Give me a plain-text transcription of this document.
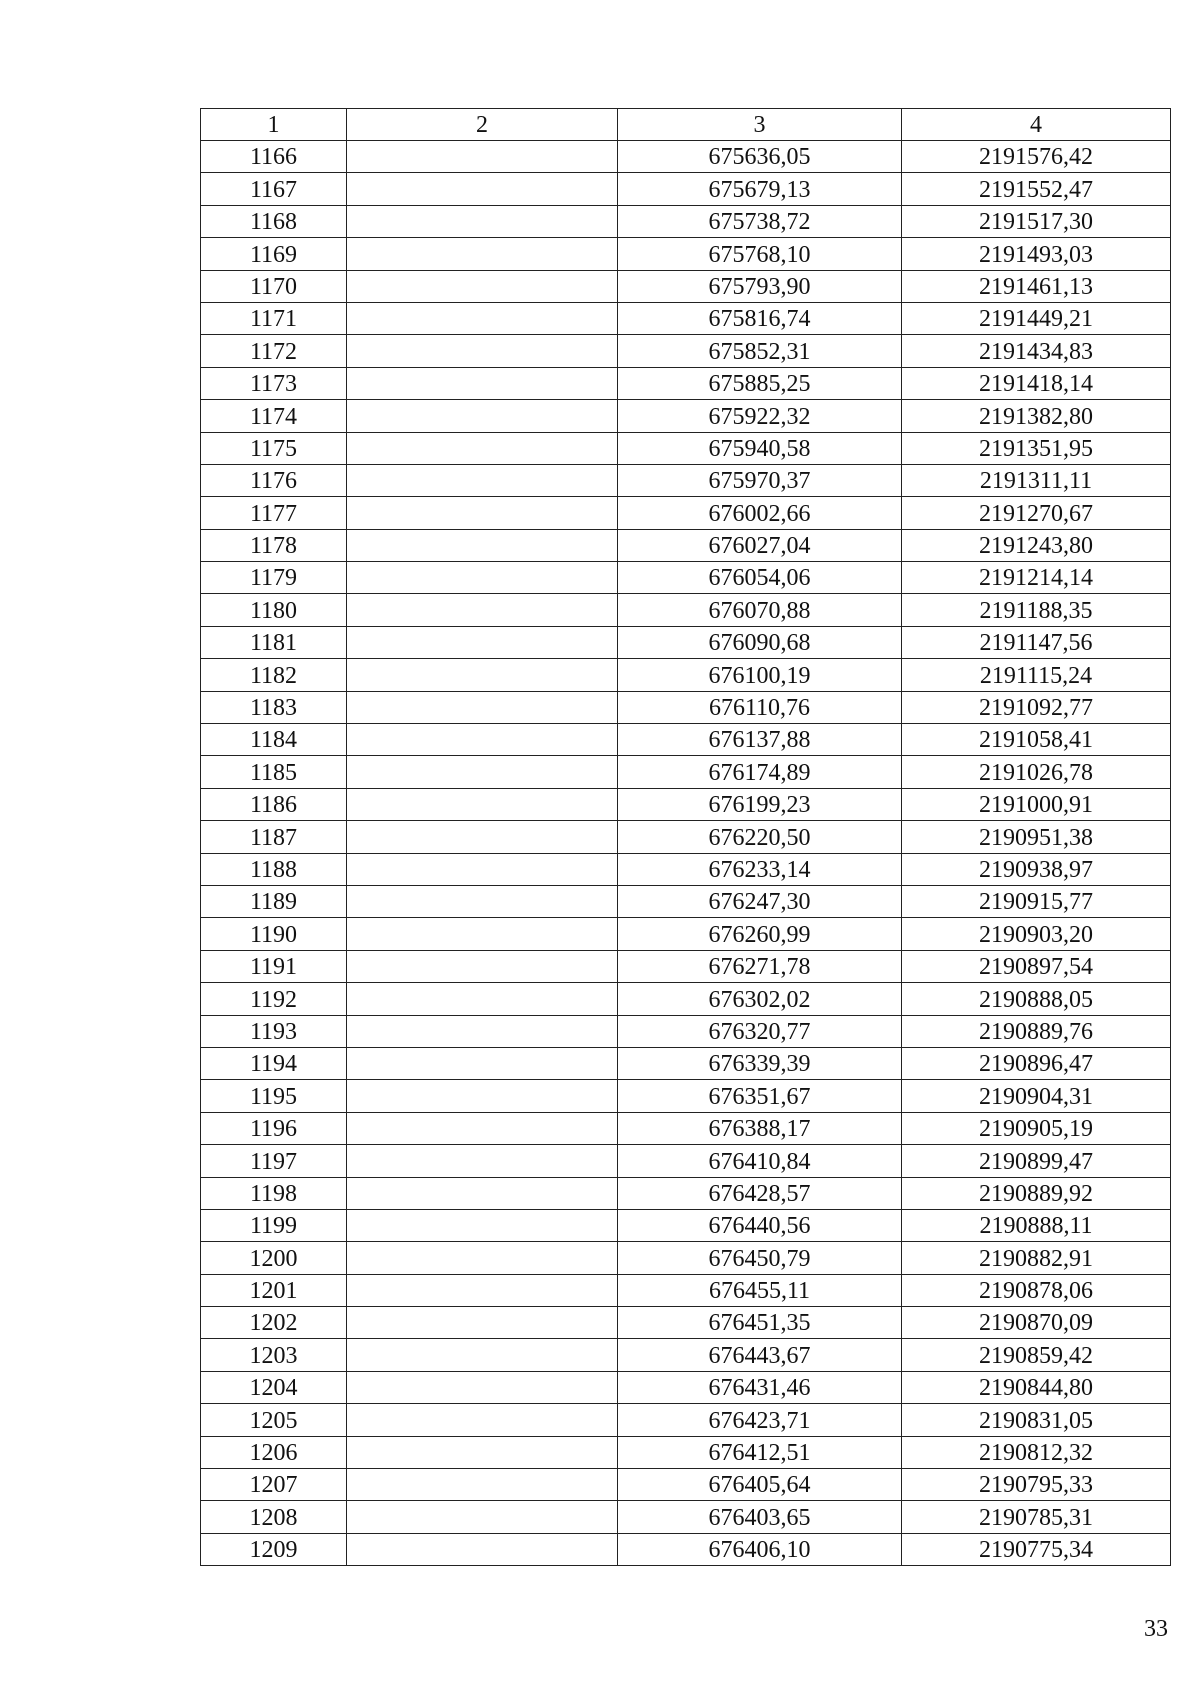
1	2	3	4
1166		675636,05	2191576,42
1167		675679,13	2191552,47
1168		675738,72	2191517,30
1169		675768,10	2191493,03
1170		675793,90	2191461,13
1171		675816,74	2191449,21
1172		675852,31	2191434,83
1173		675885,25	2191418,14
1174		675922,32	2191382,80
1175		675940,58	2191351,95
1176		675970,37	2191311,11
1177		676002,66	2191270,67
1178		676027,04	2191243,80
1179		676054,06	2191214,14
1180		676070,88	2191188,35
1181		676090,68	2191147,56
1182		676100,19	2191115,24
1183		676110,76	2191092,77
1184		676137,88	2191058,41
1185		676174,89	2191026,78
1186		676199,23	2191000,91
1187		676220,50	2190951,38
1188		676233,14	2190938,97
1189		676247,30	2190915,77
1190		676260,99	2190903,20
1191		676271,78	2190897,54
1192		676302,02	2190888,05
1193		676320,77	2190889,76
1194		676339,39	2190896,47
1195		676351,67	2190904,31
1196		676388,17	2190905,19
1197		676410,84	2190899,47
1198		676428,57	2190889,92
1199		676440,56	2190888,11
1200		676450,79	2190882,91
1201		676455,11	2190878,06
1202		676451,35	2190870,09
1203		676443,67	2190859,42
1204		676431,46	2190844,80
1205		676423,71	2190831,05
1206		676412,51	2190812,32
1207		676405,64	2190795,33
1208		676403,65	2190785,31
1209		676406,10	2190775,34
33
